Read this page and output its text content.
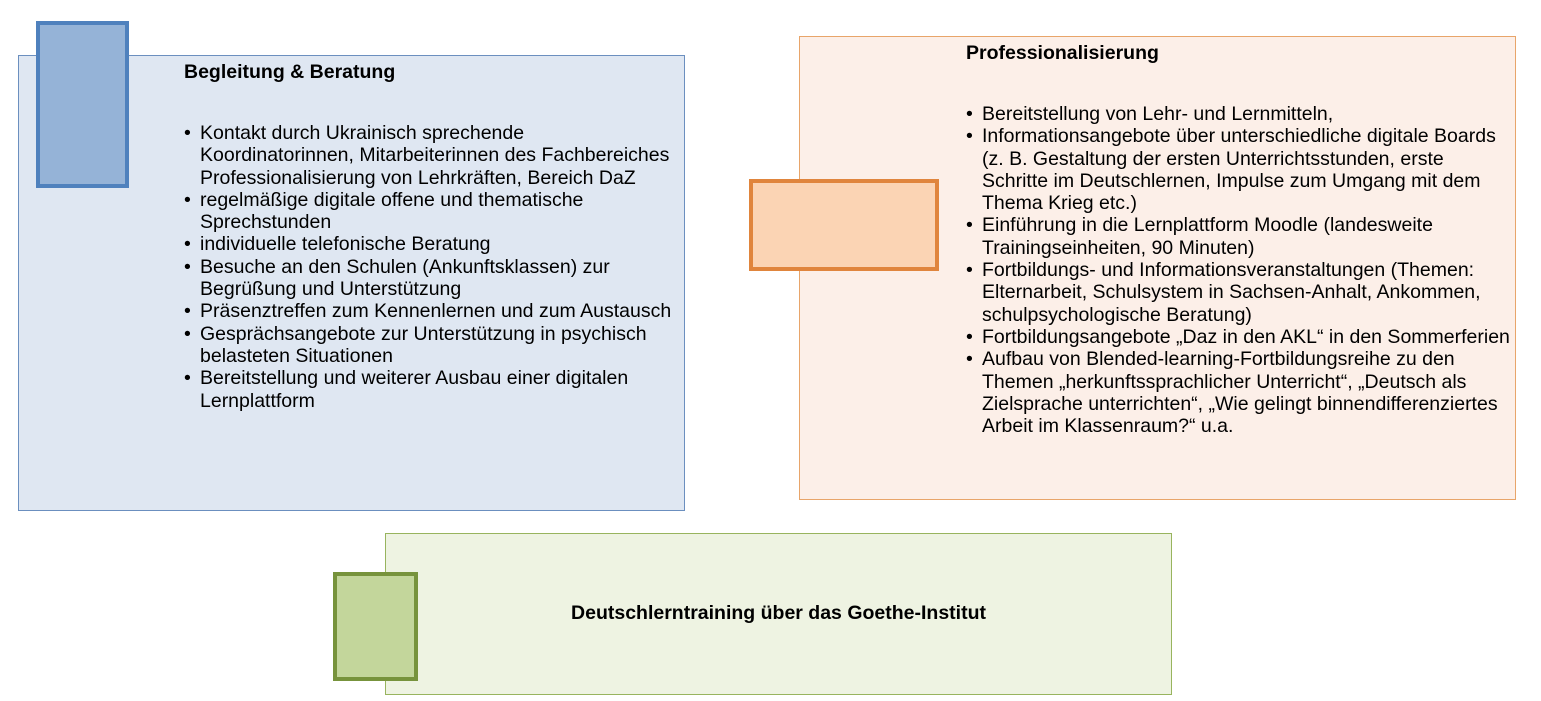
Begleitung & Beratung
• Kontakt durch Ukrainisch sprechende Koordinatorinnen, Mitarbeiterinnen des Fachbereiches Professionalisierung von Lehrkräften, Bereich DaZ
• regelmäßige digitale offene und thematische Sprechstunden
• individuelle telefonische Beratung
• Besuche an den Schulen (Ankunftsklassen) zur Begrüßung und Unterstützung
• Präsenztreffen zum Kennenlernen und zum Austausch
• Gesprächsangebote zur Unterstützung in psychisch belasteten Situationen
• Bereitstellung und weiterer Ausbau einer digitalen Lernplattform
Professionalisierung
• Bereitstellung von Lehr- und Lernmitteln,
• Informationsangebote über unterschiedliche digitale Boards (z. B. Gestaltung der ersten Unterrichtsstunden, erste Schritte im Deutschlernen, Impulse zum Umgang mit dem Thema Krieg etc.)
• Einführung in die Lernplattform Moodle (landesweite Trainingseinheiten, 90 Minuten)
• Fortbildungs- und Informationsveranstaltungen (Themen: Elternarbeit, Schulsystem in Sachsen-Anhalt, Ankommen, schulpsychologische Beratung)
• Fortbildungsangebote „Daz in den AKL“ in den Sommerferien
• Aufbau von Blended-learning-Fortbildungsreihe zu den Themen „herkunftssprachlicher Unterricht“, „Deutsch als Zielsprache unterrichten“, „Wie gelingt binnendifferenziertes Arbeit im Klassenraum?“ u.a.
Deutschlerntraining über das Goethe-Institut
